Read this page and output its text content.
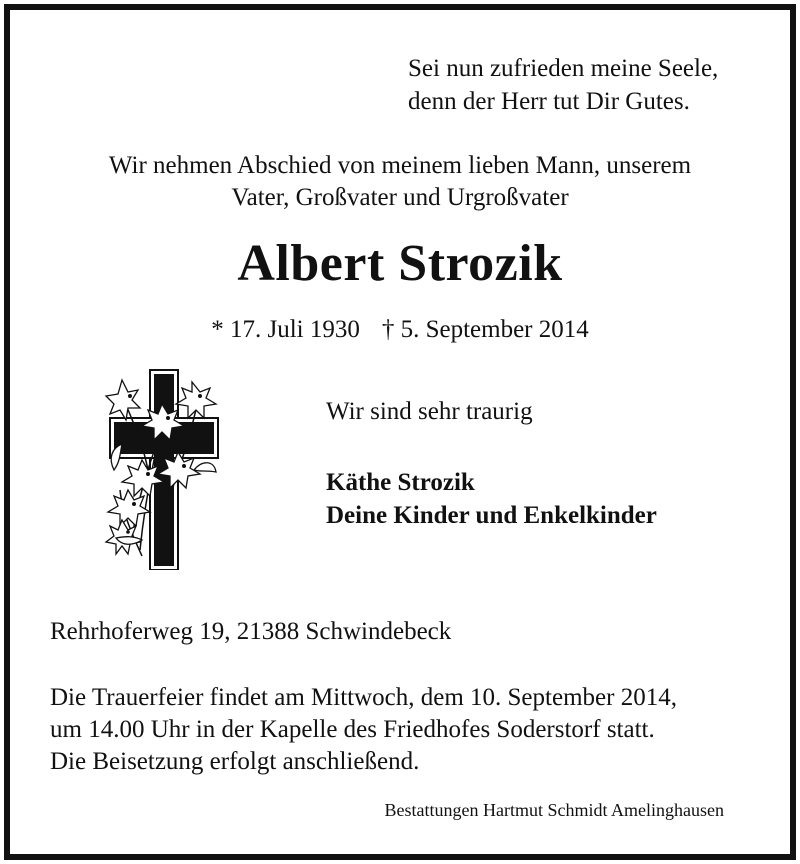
Sei nun zufrieden meine Seele,
denn der Herr tut Dir Gutes.
Wir nehmen Abschied von meinem lieben Mann, unserem
Vater, Großvater und Urgroßvater
Albert Strozik
* 17. Juli 1930 † 5. September 2014
Wir sind sehr traurig
Käthe Strozik
Deine Kinder und Enkelkinder
Rehrhoferweg 19, 21388 Schwindebeck
Die Trauerfeier findet am Mittwoch, dem 10. September 2014,
um 14.00 Uhr in der Kapelle des Friedhofes Soderstorf statt.
Die Beisetzung erfolgt anschließend.
Bestattungen Hartmut Schmidt Amelinghausen
